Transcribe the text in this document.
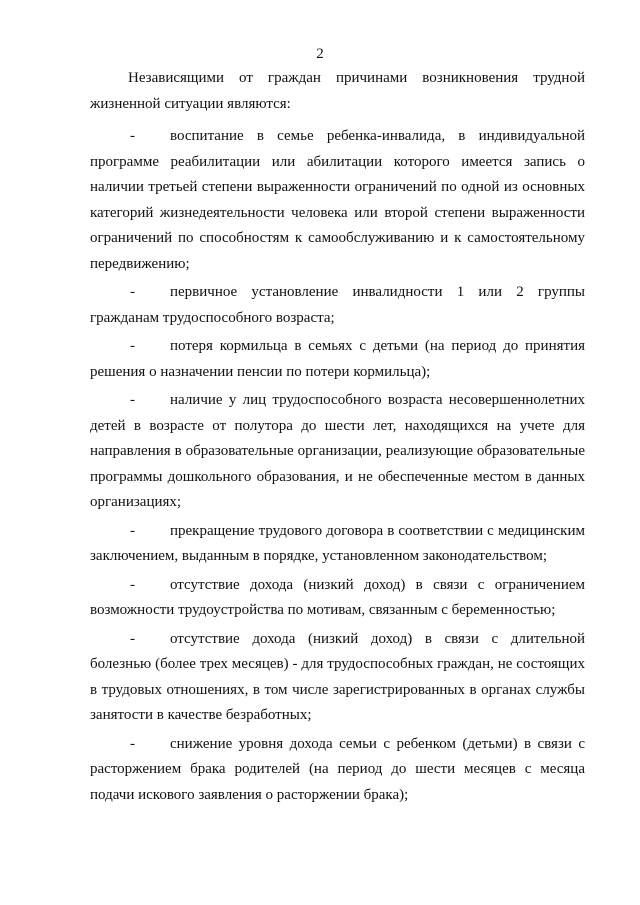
2

Независящими от граждан причинами возникновения трудной жизненной ситуации являются:

- воспитание в семье ребенка-инвалида, в индивидуальной программе реабилитации или абилитации которого имеется запись о наличии третьей степени выраженности ограничений по одной из основных категорий жизнедеятельности человека или второй степени выраженности ограничений по способностям к самообслуживанию и к самостоятельному передвижению;

- первичное установление инвалидности 1 или 2 группы гражданам трудоспособного возраста;

- потеря кормильца в семьях с детьми (на период до принятия решения о назначении пенсии по потери кормильца);

- наличие у лиц трудоспособного возраста несовершеннолетних детей в возрасте от полутора до шести лет, находящихся на учете для направления в образовательные организации, реализующие образовательные программы дошкольного образования, и не обеспеченные местом в данных организациях;

- прекращение трудового договора в соответствии с медицинским заключением, выданным в порядке, установленном законодательством;

- отсутствие дохода (низкий доход) в связи с ограничением возможности трудоустройства по мотивам, связанным с беременностью;

- отсутствие дохода (низкий доход) в связи с длительной болезнью (более трех месяцев) - для трудоспособных граждан, не состоящих в трудовых отношениях, в том числе зарегистрированных в органах службы занятости в качестве безработных;

- снижение уровня дохода семьи с ребенком (детьми) в связи с расторжением брака родителей (на период до шести месяцев с месяца подачи искового заявления о расторжении брака);
